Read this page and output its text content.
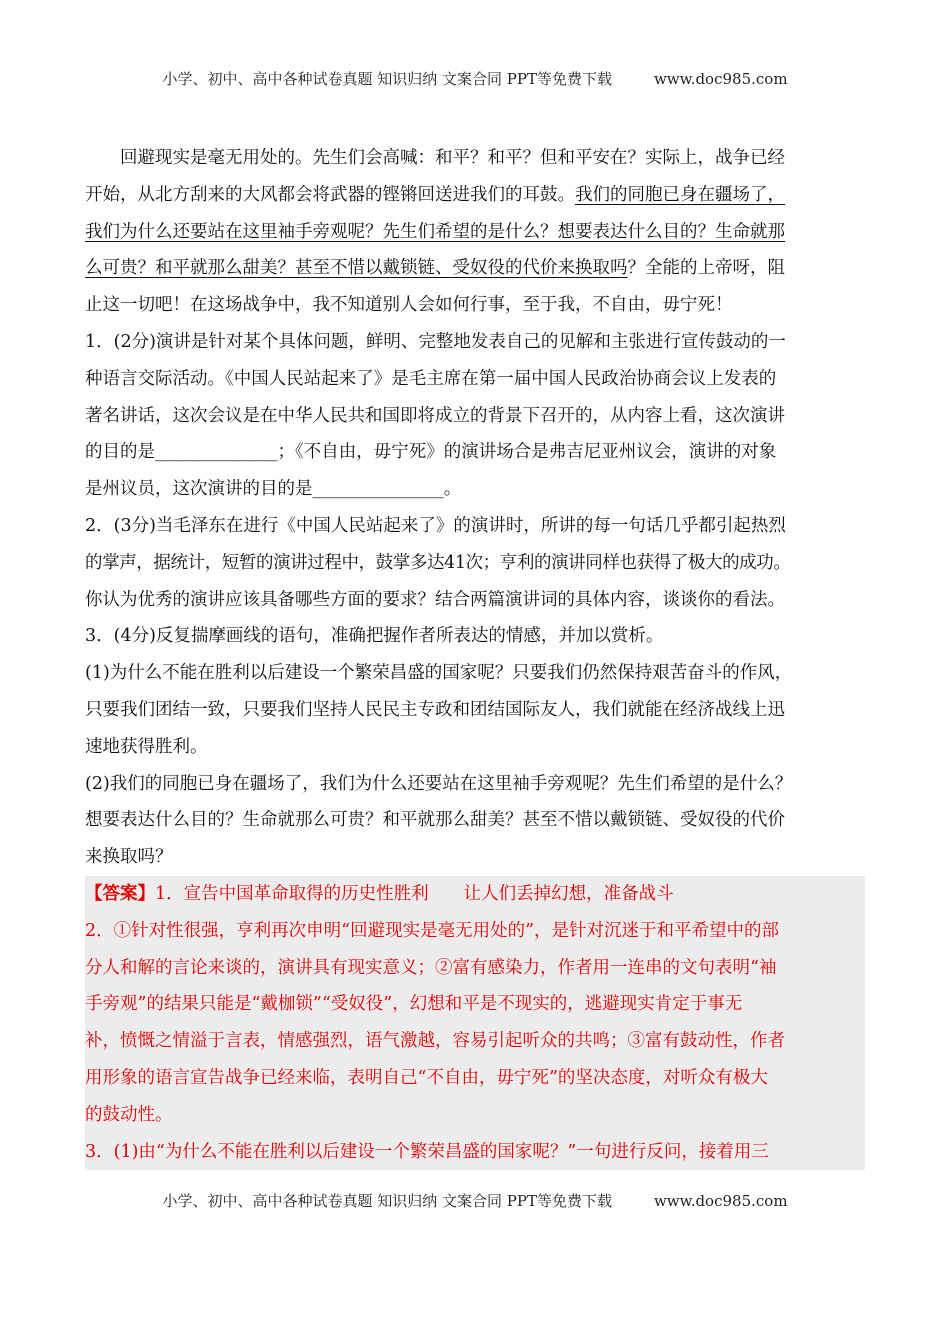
小学、初中、高中各种试卷真题 知识归纳 文案合同 PPT等免费下载	www.doc985.com

回避现实是毫无用处的。先生们会高喊：和平？和平？但和平安在？实际上，战争已经

开始，从北方刮来的大风都会将武器的铿锵回送进我们的耳鼓。我们的同胞已身在疆场了，

我们为什么还要站在这里袖手旁观呢？先生们希望的是什么？想要表达什么目的？生命就那

么可贵？和平就那么甜美？甚至不惜以戴锁链、受奴役的代价来换取吗？全能的上帝呀，阻

止这一切吧！在这场战争中，我不知道别人会如何行事，至于我，不自由，毋宁死！

1．(2分)演讲是针对某个具体问题，鲜明、完整地发表自己的见解和主张进行宣传鼓动的一

种语言交际活动。《中国人民站起来了》是毛主席在第一届中国人民政治协商会议上发表的

著名讲话，这次会议是在中华人民共和国即将成立的背景下召开的，从内容上看，这次演讲

的目的是______________；《不自由，毋宁死》的演讲场合是弗吉尼亚州议会，演讲的对象

是州议员，这次演讲的目的是_______________。

2．(3分)当毛泽东在进行《中国人民站起来了》的演讲时，所讲的每一句话几乎都引起热烈

的掌声，据统计，短暂的演讲过程中，鼓掌多达41次；亨利的演讲同样也获得了极大的成功。

你认为优秀的演讲应该具备哪些方面的要求？结合两篇演讲词的具体内容，谈谈你的看法。

3．(4分)反复揣摩画线的语句，准确把握作者所表达的情感，并加以赏析。

(1)为什么不能在胜利以后建设一个繁荣昌盛的国家呢？只要我们仍然保持艰苦奋斗的作风，

只要我们团结一致，只要我们坚持人民民主专政和团结国际友人，我们就能在经济战线上迅

速地获得胜利。

(2)我们的同胞已身在疆场了，我们为什么还要站在这里袖手旁观呢？先生们希望的是什么？

想要表达什么目的？生命就那么可贵？和平就那么甜美？甚至不惜以戴锁链、受奴役的代价

来换取吗？

【答案】1．宣告中国革命取得的历史性胜利　　让人们丢掉幻想，准备战斗

2．①针对性很强，亨利再次申明“回避现实是毫无用处的”，是针对沉迷于和平希望中的部

分人和解的言论来谈的，演讲具有现实意义；②富有感染力，作者用一连串的文句表明“袖

手旁观”的结果只能是“戴枷锁”“受奴役”，幻想和平是不现实的，逃避现实肯定于事无

补，愤慨之情溢于言表，情感强烈，语气激越，容易引起听众的共鸣；③富有鼓动性，作者

用形象的语言宣告战争已经来临，表明自己“不自由，毋宁死”的坚决态度，对听众有极大

的鼓动性。

3．(1)由“为什么不能在胜利以后建设一个繁荣昌盛的国家呢？”一句进行反问，接着用三

小学、初中、高中各种试卷真题 知识归纳 文案合同 PPT等免费下载	www.doc985.com
